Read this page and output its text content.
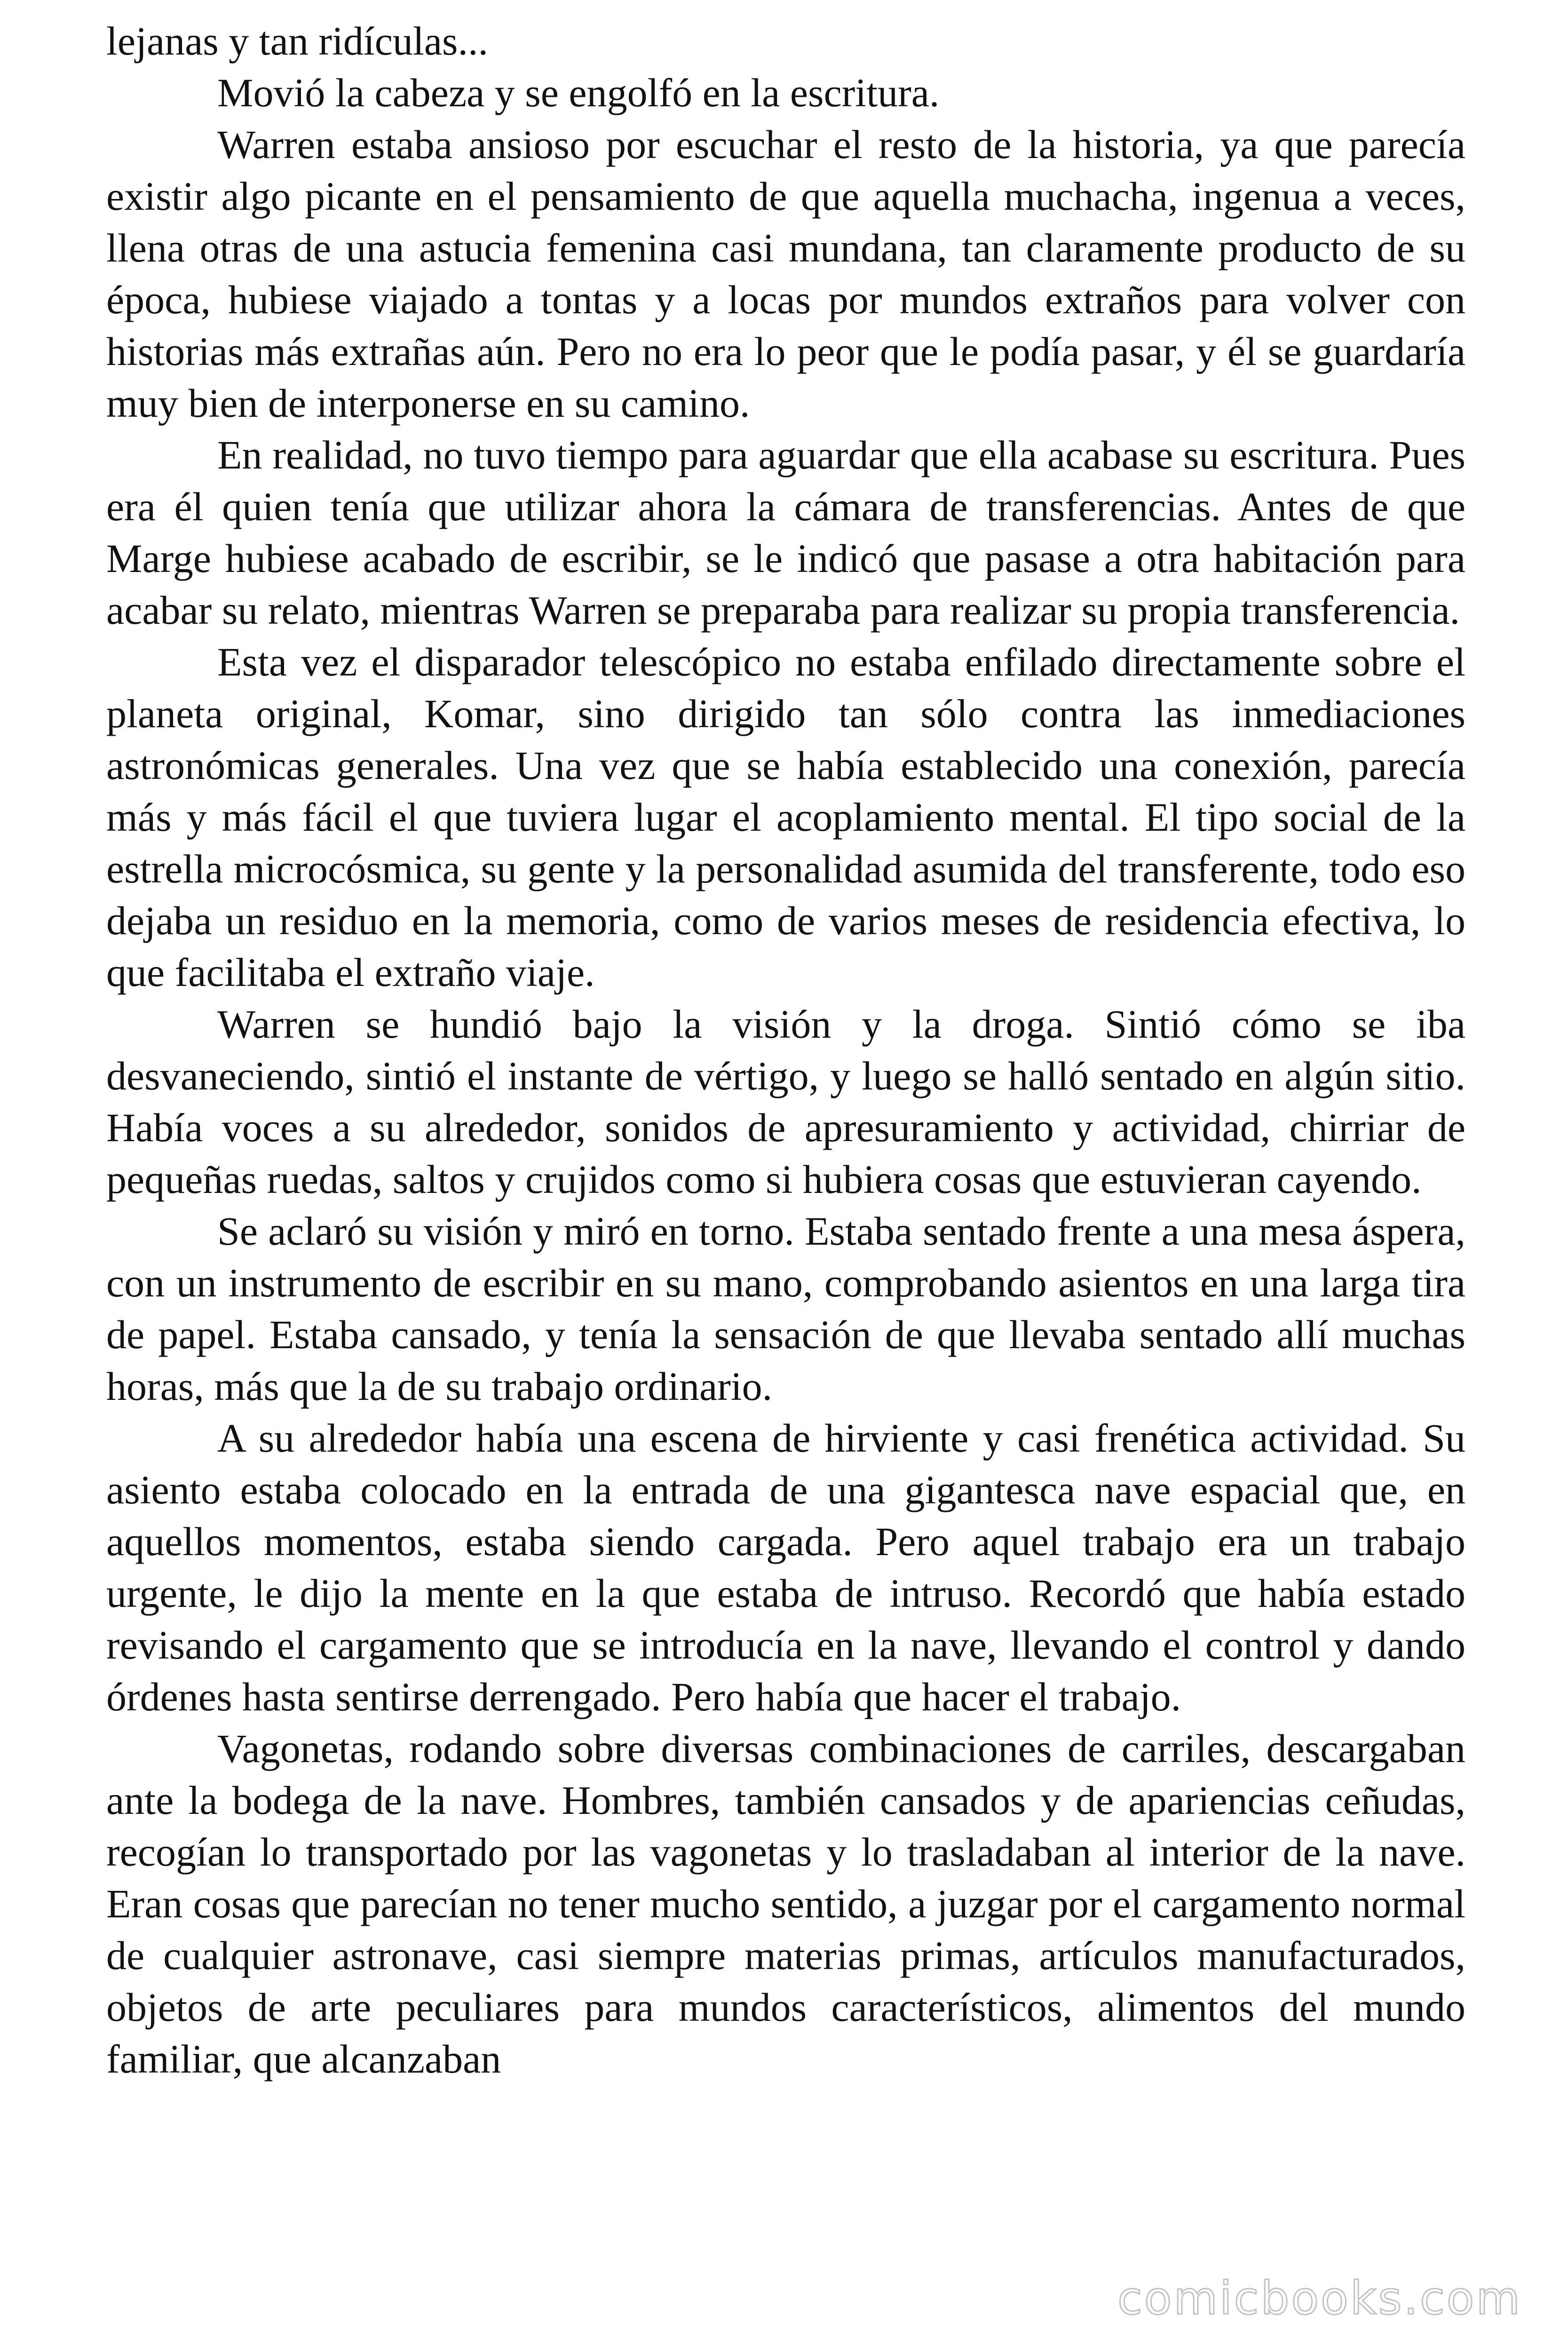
lejanas y tan ridículas...

Movió la cabeza y se engolfó en la escritura.

Warren estaba ansioso por escuchar el resto de la historia, ya que parecía existir algo picante en el pensamiento de que aquella muchacha, ingenua a veces, llena otras de una astucia femenina casi mundana, tan claramente producto de su época, hubiese viajado a tontas y a locas por mundos extraños para volver con historias más extrañas aún. Pero no era lo peor que le podía pasar, y él se guardaría muy bien de interponerse en su camino.

En realidad, no tuvo tiempo para aguardar que ella acabase su escritura. Pues era él quien tenía que utilizar ahora la cámara de transferencias. Antes de que Marge hubiese acabado de escribir, se le indicó que pasase a otra habitación para acabar su relato, mientras Warren se preparaba para realizar su propia transferencia.

Esta vez el disparador telescópico no estaba enfilado directamente sobre el planeta original, Komar, sino dirigido tan sólo contra las inmediaciones astronómicas generales. Una vez que se había establecido una conexión, parecía más y más fácil el que tuviera lugar el acoplamiento mental. El tipo social de la estrella microcósmica, su gente y la personalidad asumida del transferente, todo eso dejaba un residuo en la memoria, como de varios meses de residencia efectiva, lo que facilitaba el extraño viaje.

Warren se hundió bajo la visión y la droga. Sintió cómo se iba desvaneciendo, sintió el instante de vértigo, y luego se halló sentado en algún sitio. Había voces a su alrededor, sonidos de apresuramiento y actividad, chirriar de pequeñas ruedas, saltos y crujidos como si hubiera cosas que estuvieran cayendo.

Se aclaró su visión y miró en torno. Estaba sentado frente a una mesa áspera, con un instrumento de escribir en su mano, comprobando asientos en una larga tira de papel. Estaba cansado, y tenía la sensación de que llevaba sentado allí muchas horas, más que la de su trabajo ordinario.

A su alrededor había una escena de hirviente y casi frenética actividad. Su asiento estaba colocado en la entrada de una gigantesca nave espacial que, en aquellos momentos, estaba siendo cargada. Pero aquel trabajo era un trabajo urgente, le dijo la mente en la que estaba de intruso. Recordó que había estado revisando el cargamento que se introducía en la nave, llevando el control y dando órdenes hasta sentirse derrengado. Pero había que hacer el trabajo.

Vagonetas, rodando sobre diversas combinaciones de carriles, descargaban ante la bodega de la nave. Hombres, también cansados y de apariencias ceñudas, recogían lo transportado por las vagonetas y lo trasladaban al interior de la nave. Eran cosas que parecían no tener mucho sentido, a juzgar por el cargamento normal de cualquier astronave, casi siempre materias primas, artículos manufacturados, objetos de arte peculiares para mundos característicos, alimentos del mundo familiar, que alcanzaban

comicbooks.com
